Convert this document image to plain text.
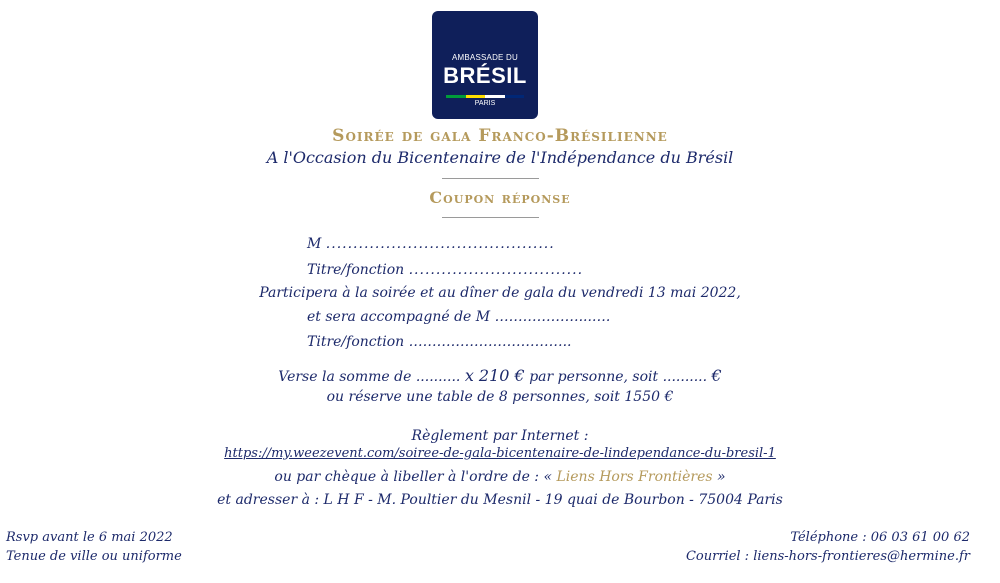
AMBASSADE DU
BRÉSIL
PARIS
Soirée de gala Franco-Brésilienne
A l'Occasion du Bicentenaire de l'Indépendance du Brésil
Coupon réponse
M ..........................................
Titre/fonction ................................
Participera à la soirée et au dîner de gala du vendredi 13 mai 2022,
et sera accompagné de M ………………...….
Titre/fonction ……………………………..
Verse la somme de .......... x 210 € par personne, soit .......... €
ou réserve une table de 8 personnes, soit 1550 €
Règlement par Internet :
https://my.weezevent.com/soiree-de-gala-bicentenaire-de-lindependance-du-bresil-1
ou par chèque à libeller à l'ordre de : « Liens Hors Frontières »
et adresser à : L H F - M. Poultier du Mesnil - 19 quai de Bourbon - 75004 Paris
Rsvp avant le 6 mai 2022
Tenue de ville ou uniforme
Téléphone : 06 03 61 00 62
Courriel : liens-hors-frontieres@hermine.fr
